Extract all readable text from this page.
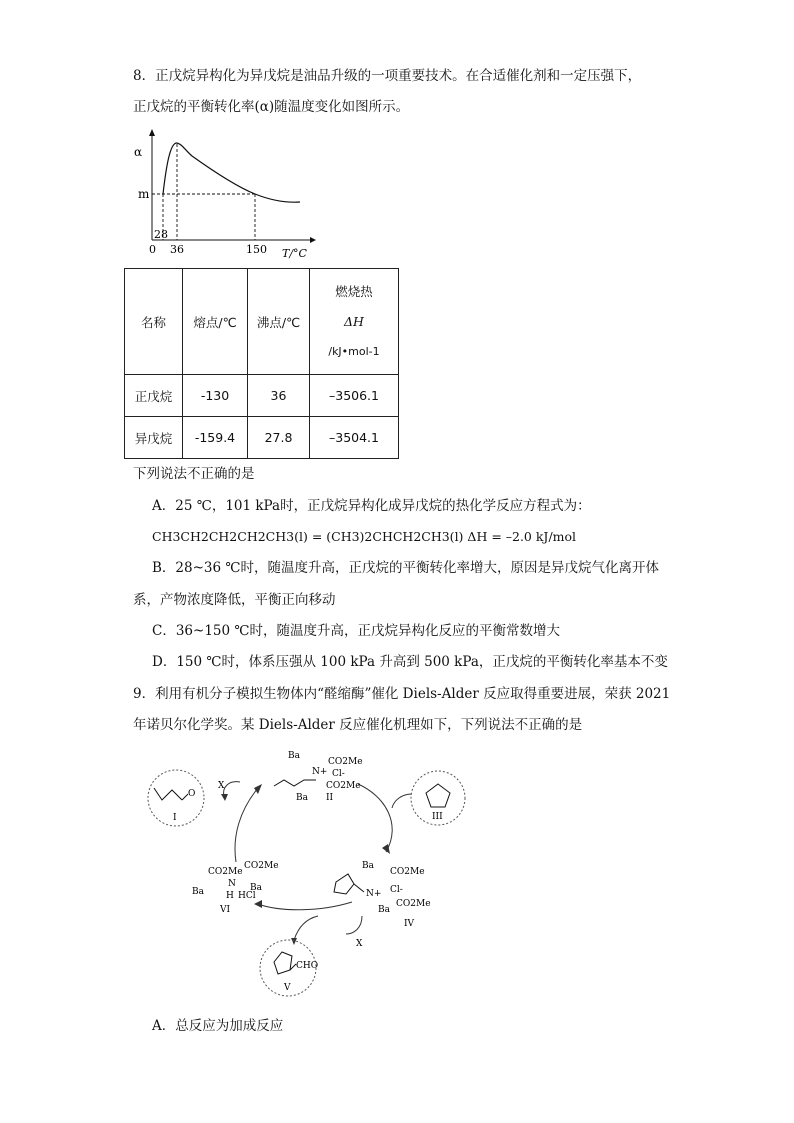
8．正戊烷异构化为异戊烷是油品升级的一项重要技术。在合适催化剂和一定压强下，
正戊烷的平衡转化率(α)随温度变化如图所示。
α
m
28
0 36	150 T/°C
名称	熔点/℃	沸点/℃	燃烧热
ΔH
/kJ•mol-1

正戊烷	-130	36	–3506.1
异戊烷	-159.4	27.8	–3504.1
下列说法不正确的是
A．25 ℃，101 kPa时，正戊烷异构化成异戊烷的热化学反应方程式为：
CH3CH2CH2CH2CH3(l) = (CH3)2CHCH2CH3(l) ΔH = –2.0 kJ/mol
B．28~36 ℃时，随温度升高，正戊烷的平衡转化率增大，原因是异戊烷气化离开体
系，产物浓度降低，平衡正向移动
C．36~150 ℃时，随温度升高，正戊烷异构化反应的平衡常数增大
D．150 ℃时，体系压强从 100 kPa 升高到 500 kPa，正戊烷的平衡转化率基本不变
9．利用有机分子模拟生物体内“醛缩酶”催化 Diels-Alder 反应取得重要进展，荣获 2021
年诺贝尔化学奖。某 Diels-Alder 反应催化机理如下，下列说法不正确的是
X
X
O
I
N+
Ba
CO2Me
Cl-
CO2Me
Ba II
III
Ba
CO2Me
N+ Cl-
CO2Me
Ba
IV
CO2Me
CO2Me
N Ba
Ba H HCl
VI
CHO
V
A．总反应为加成反应
